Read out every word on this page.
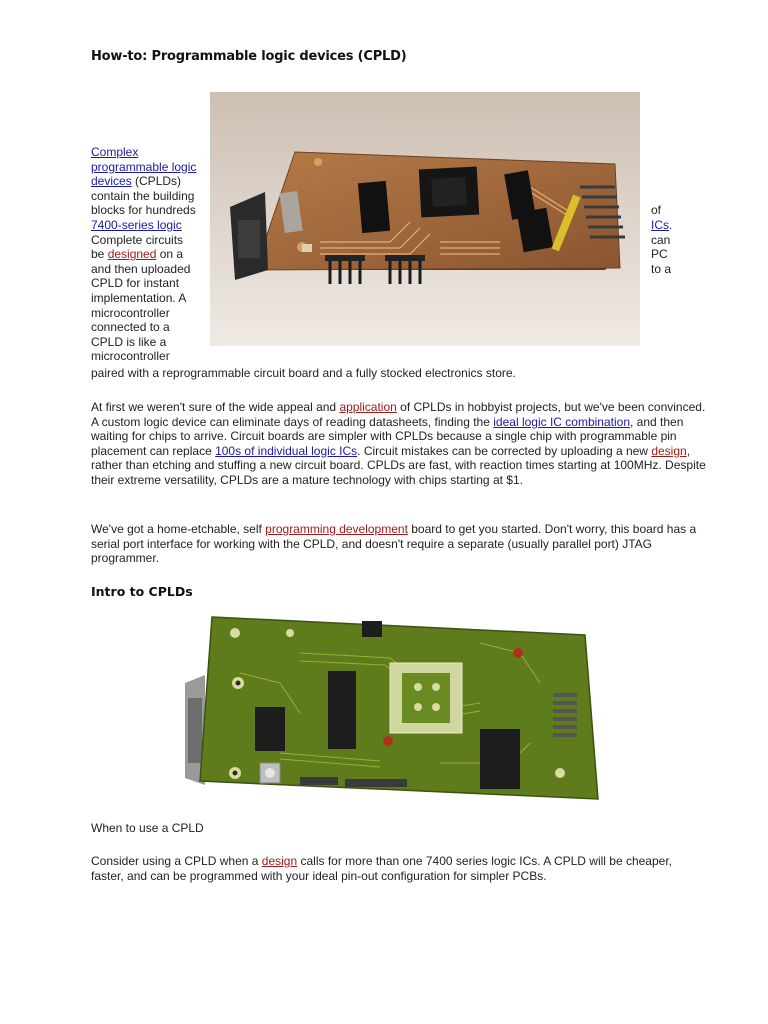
How-to: Programmable logic devices (CPLD)
Complex
programmable logic
devices (CPLDs)
contain the building
blocks for hundreds
7400-series logic
Complete circuits
be designed on a
and then uploaded
CPLD for instant
implementation. A
microcontroller
connected to a
CPLD is like a
microcontroller
paired with a reprogrammable circuit board and a fully stocked electronics store.
of
ICs.
can
PC
to a
At first we weren't sure of the wide appeal and application of CPLDs in hobbyist projects, but we've been convinced. A custom logic device can eliminate days of reading datasheets, finding the ideal logic IC combination, and then waiting for chips to arrive. Circuit boards are simpler with CPLDs because a single chip with programmable pin placement can replace 100s of individual logic ICs. Circuit mistakes can be corrected by uploading a new design, rather than etching and stuffing a new circuit board. CPLDs are fast, with reaction times starting at 100MHz. Despite their extreme versatility, CPLDs are a mature technology with chips starting at $1.
We've got a home-etchable, self programming development board to get you started. Don't worry, this board has a serial port interface for working with the CPLD, and doesn't require a separate (usually parallel port) JTAG programmer.
Intro to CPLDs
When to use a CPLD
Consider using a CPLD when a design calls for more than one 7400 series logic ICs. A CPLD will be cheaper, faster, and can be programmed with your ideal pin-out configuration for simpler PCBs.
